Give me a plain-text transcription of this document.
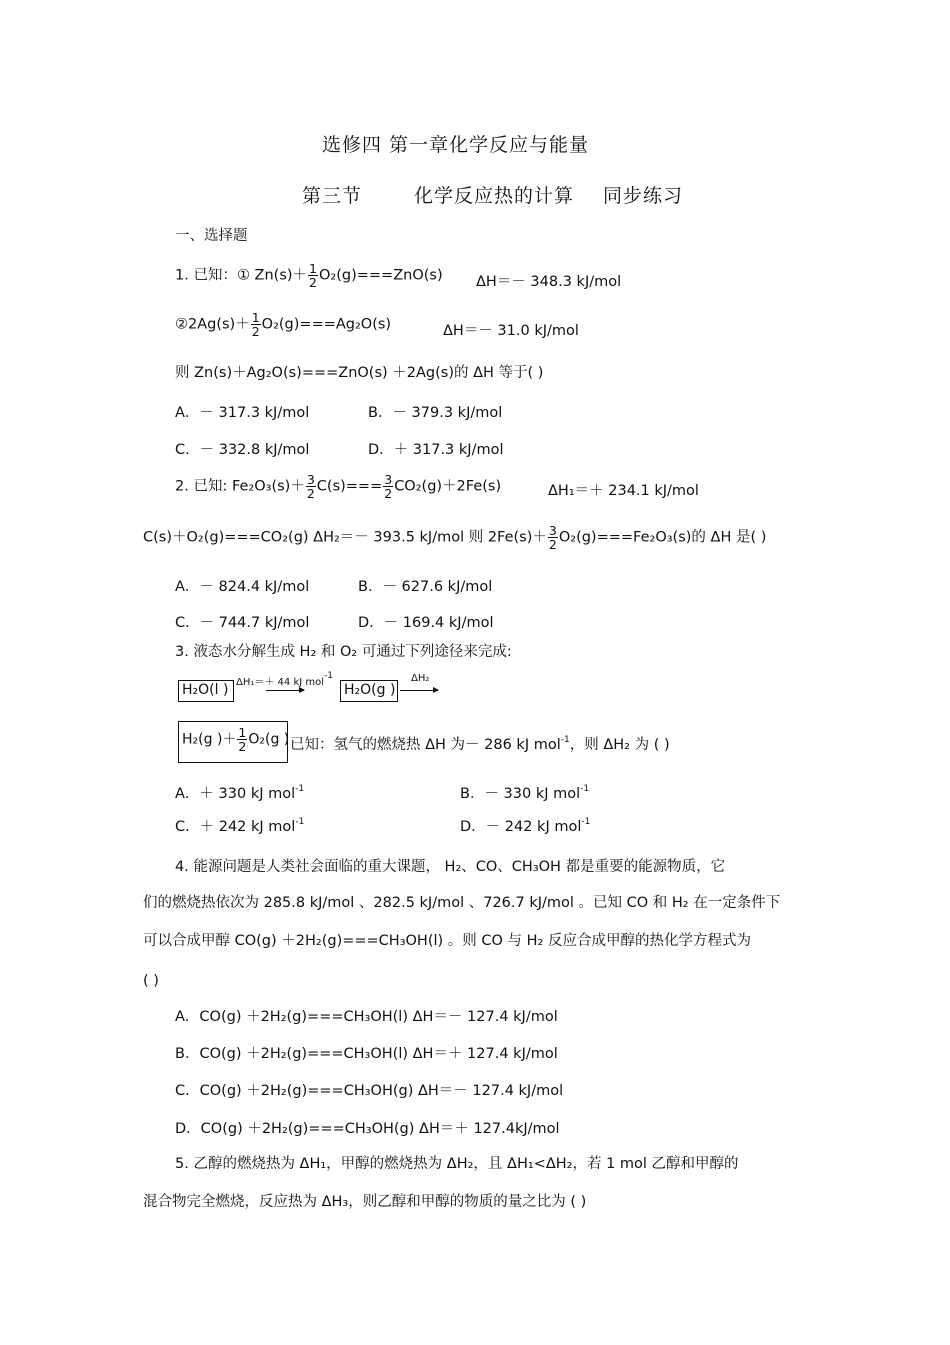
选修四 第一章化学反应与能量
第三节	化学反应热的计算 同步练习
一、选择题
1. 已知：① $Zn(s)+ \frac{1}{2} O_2(g)===ZnO(s)$ ΔH＝－ 348.3 kJ/mol
②2Ag(s)＋ $\frac{1}{2} O_2(g)===Ag_2O(s)$	ΔH＝－ 31.0 kJ/mol
则 Zn(s)＋Ag₂O(s)===ZnO(s) ＋2Ag(s)的 ΔH 等于( )
A．－ 317.3 kJ/mol	B．－ 379.3 kJ/mol
C．－ 332.8 kJ/mol	D．＋ 317.3 kJ/mol
2. 已知: $Fe_2O_3(s)+ \frac{3}{2} C(s)=== \frac{3}{2} CO_2(g)+2Fe(s)$	ΔH₁＝＋ 234.1 kJ/mol
C(s)＋O₂(g)===CO₂(g) ΔH₂＝－ 393.5 kJ/mol 则 $2Fe(s)+ \frac{3}{2} O_2(g)===Fe_2O_3(s)$的 ΔH 是( )
A．－ 824.4 kJ/mol	B．－ 627.6 kJ/mol
C．－ 744.7 kJ/mol	D．－ 169.4 kJ/mol
3. 液态水分解生成 H₂ 和 O₂ 可通过下列途径来完成:
H₂O(l ) ΔH₁＝＋ 44 kJ mol$^{-1}$
H₂O(g )
ΔH₂
H₂(g )＋ $\frac{1}{2} O_2(g$ ) 已知：氢气的燃烧热 ΔH 为－ 286 kJ mol$^{-1}$，则 ΔH₂ 为 ( )
A．＋ 330 kJ mol$^{-1}$	B．－ 330 kJ mol$^{-1}$
C．＋ 242 kJ mol$^{-1}$	D．－ 242 kJ mol$^{-1}$
4. 能源问题是人类社会面临的重大课题， H₂、CO、CH₃OH 都是重要的能源物质，它
们的燃烧热依次为 285.8 kJ/mol 、282.5 kJ/mol 、726.7 kJ/mol 。已知 CO 和 H₂ 在一定条件下
可以合成甲醇 CO(g) ＋2H₂(g)===CH₃OH(l) 。则 CO 与 H₂ 反应合成甲醇的热化学方程式为
( )
A．CO(g) ＋2H₂(g)===CH₃OH(l) ΔH＝－ 127.4 kJ/mol
B．CO(g) ＋2H₂(g)===CH₃OH(l) ΔH＝＋ 127.4 kJ/mol
C．CO(g) ＋2H₂(g)===CH₃OH(g) ΔH＝－ 127.4 kJ/mol
D．CO(g) ＋2H₂(g)===CH₃OH(g) ΔH＝＋ 127.4kJ/mol
5. 乙醇的燃烧热为 ΔH₁，甲醇的燃烧热为 ΔH₂，且 ΔH₁<ΔH₂，若 1 mol 乙醇和甲醇的
混合物完全燃烧，反应热为 ΔH₃，则乙醇和甲醇的物质的量之比为 ( )
